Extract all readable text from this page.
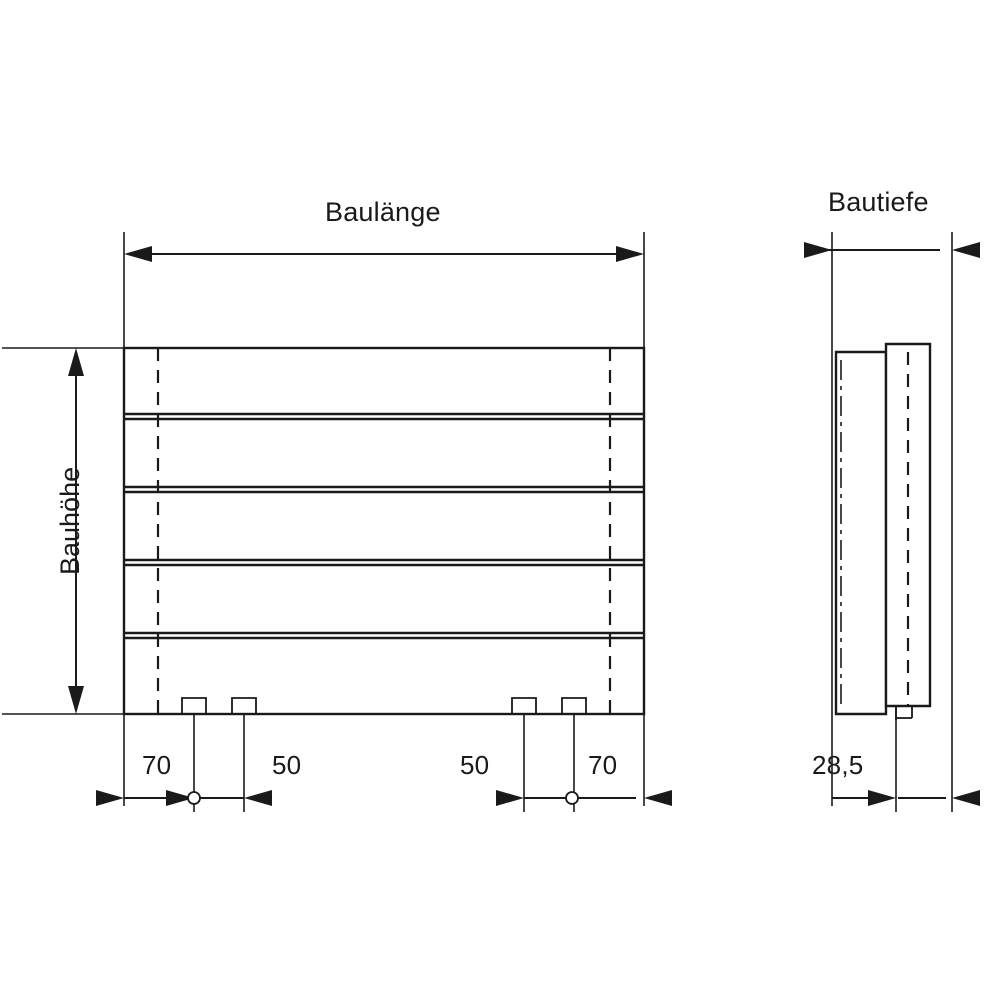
Baulänge
Bauhöhe
Bautiefe
70	50	50	70	28,5
